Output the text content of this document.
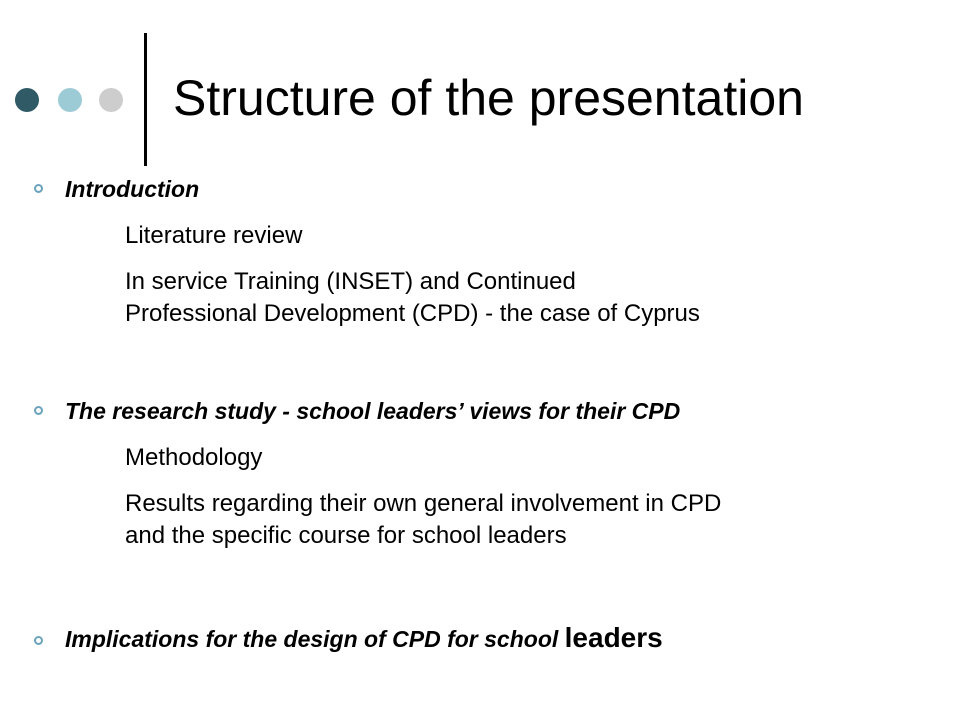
Structure of the presentation
Introduction
Literature review
In service Training (INSET) and Continued
Professional Development (CPD) - the case of Cyprus
The research study - school leaders’ views for their CPD
Methodology
Results regarding their own general involvement in CPD
and the specific course for school leaders
Implications for the design of CPD for school leaders
